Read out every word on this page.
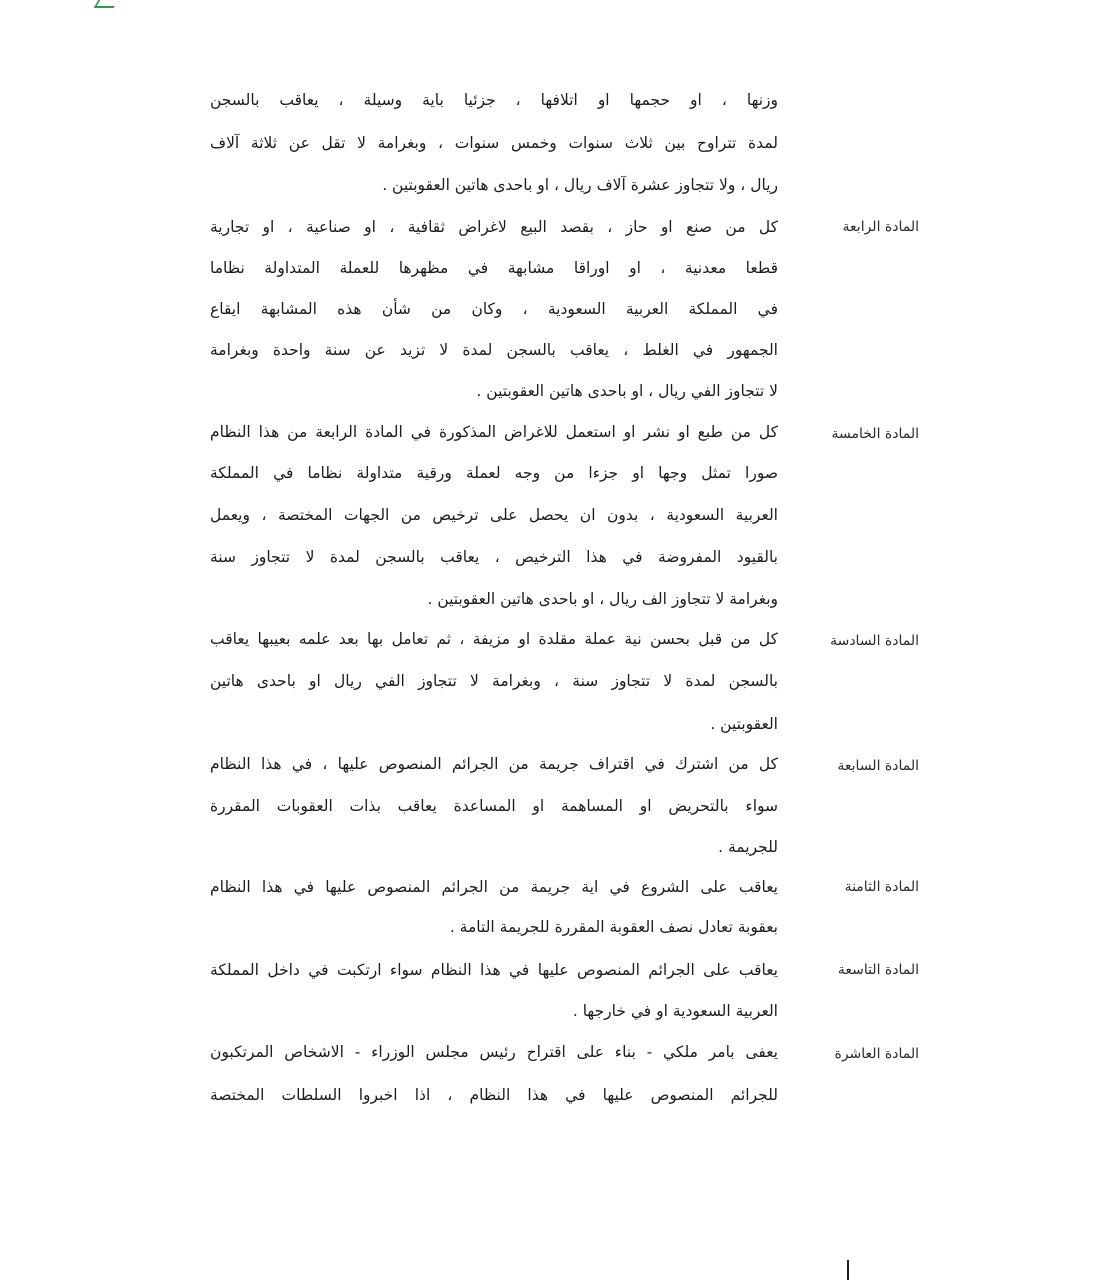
وزنها ، او حجمها او اتلافها ، جزئيا باية وسيلة ، يعاقب بالسجن
لمدة تتراوح بين ثلاث سنوات وخمس سنوات ، وبغرامة لا تقل عن ثلاثة آلاف
ريال ، ولا تتجاوز عشرة آلاف ريال ، او باحدى هاتين العقوبتين .
المادة الرابعة
كل من صنع او حاز ، بقصد البيع لاغراض ثقافية ، او صناعية ، او تجارية
قطعا معدنية ، او اوراقا مشابهة في مظهرها للعملة المتداولة نظاما
في المملكة العربية السعودية ، وكان من شأن هذه المشابهة ايقاع
الجمهور في الغلط ، يعاقب بالسجن لمدة لا تزيد عن سنة واحدة وبغرامة
لا تتجاوز الفي ريال ، او باحدى هاتين العقوبتين .
المادة الخامسة
كل من طبع او نشر او استعمل للاغراض المذكورة في المادة الرابعة من هذا النظام
صورا تمثل وجها او جزءا من وجه لعملة ورقية متداولة نظاما في المملكة
العربية السعودية ، بدون ان يحصل على ترخيص من الجهات المختصة ، ويعمل
بالقيود المفروضة في هذا الترخيص ، يعاقب بالسجن لمدة لا تتجاوز سنة
وبغرامة لا تتجاوز الف ريال ، او باحدى هاتين العقوبتين .
المادة السادسة
كل من قبل بحسن نية عملة مقلدة او مزيفة ، ثم تعامل بها بعد علمه بعيبها يعاقب
بالسجن لمدة لا تتجاوز سنة ، وبغرامة لا تتجاوز الفي ريال او باحدى هاتين
العقوبتين .
المادة السابعة
كل من اشترك في اقتراف جريمة من الجرائم المنصوص عليها ، في هذا النظام
سواء بالتحريض او المساهمة او المساعدة يعاقب بذات العقوبات المقررة
للجريمة .
المادة الثامنة
يعاقب على الشروع في اية جريمة من الجرائم المنصوص عليها في هذا النظام
بعقوبة تعادل نصف العقوبة المقررة للجريمة التامة .
المادة التاسعة
يعاقب على الجرائم المنصوص عليها في هذا النظام سواء ارتكبت في داخل المملكة
العربية السعودية او في خارجها .
المادة العاشرة
يعفى بامر ملكي - بناء على اقتراح رئيس مجلس الوزراء - الاشخاص المرتكبون
للجرائم المنصوص عليها في هذا النظام ، اذا اخبروا السلطات المختصة
